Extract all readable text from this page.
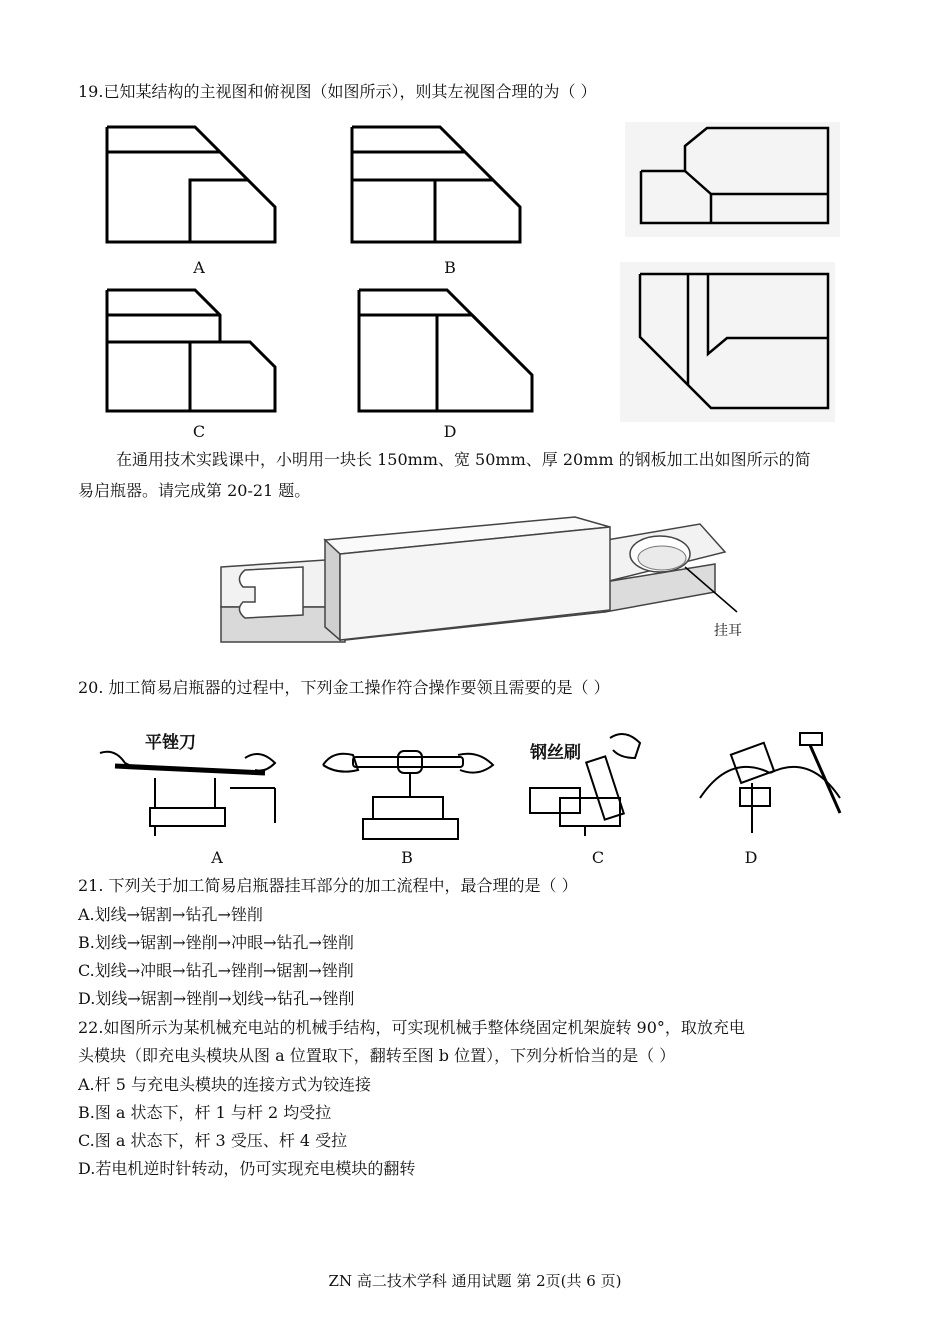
19.已知某结构的主视图和俯视图（如图所示），则其左视图合理的为（ ）
A	B
C	D
在通用技术实践课中，小明用一块长 150mm、宽 50mm、厚 20mm 的钢板加工出如图所示的简
易启瓶器。请完成第 20-21 题。
挂耳
20. 加工简易启瓶器的过程中，下列金工操作符合操作要领且需要的是（ ）
平锉刀
A	B
钢丝刷
C	D
21. 下列关于加工简易启瓶器挂耳部分的加工流程中，最合理的是（ ）
A.划线→锯割→钻孔→锉削
B.划线→锯割→锉削→冲眼→钻孔→锉削
C.划线→冲眼→钻孔→锉削→锯割→锉削
D.划线→锯割→锉削→划线→钻孔→锉削
22.如图所示为某机械充电站的机械手结构，可实现机械手整体绕固定机架旋转 90°，取放充电
头模块（即充电头模块从图 a 位置取下，翻转至图 b 位置），下列分析恰当的是（ ）
A.杆 5 与充电头模块的连接方式为铰连接
B.图 a 状态下，杆 1 与杆 2 均受拉
C.图 a 状态下，杆 3 受压、杆 4 受拉
D.若电机逆时针转动，仍可实现充电模块的翻转
ZN 高二技术学科 通用试题 第 2页(共 6 页)
